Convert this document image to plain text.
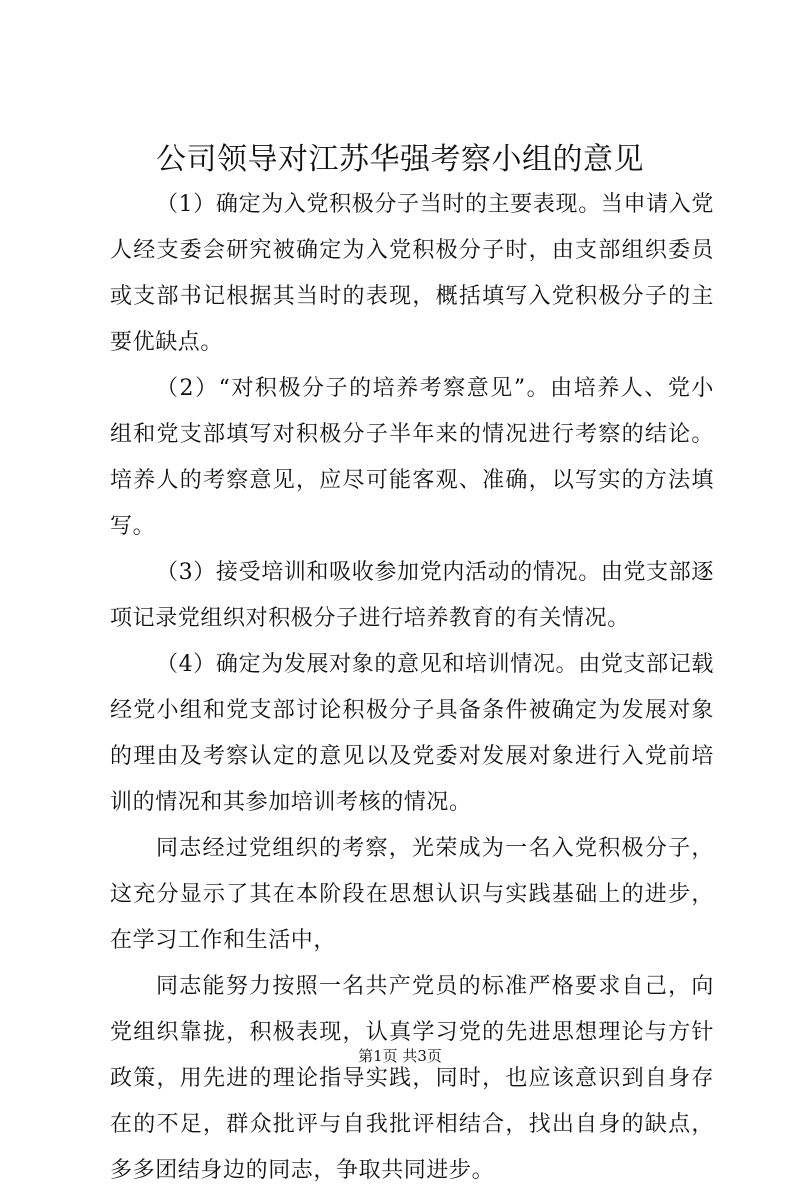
公司领导对江苏华强考察小组的意见

（1）确定为入党积极分子当时的主要表现。当申请入党人经支委会研究被确定为入党积极分子时，由支部组织委员或支部书记根据其当时的表现，概括填写入党积极分子的主要优缺点。

（2）“对积极分子的培养考察意见”。由培养人、党小组和党支部填写对积极分子半年来的情况进行考察的结论。培养人的考察意见，应尽可能客观、准确，以写实的方法填写。

（3）接受培训和吸收参加党内活动的情况。由党支部逐项记录党组织对积极分子进行培养教育的有关情况。

（4）确定为发展对象的意见和培训情况。由党支部记载经党小组和党支部讨论积极分子具备条件被确定为发展对象的理由及考察认定的意见以及党委对发展对象进行入党前培训的情况和其参加培训考核的情况。

同志经过党组织的考察，光荣成为一名入党积极分子，这充分显示了其在本阶段在思想认识与实践基础上的进步，在学习工作和生活中，

同志能努力按照一名共产党员的标准严格要求自己，向党组织靠拢，积极表现，认真学习党的先进思想理论与方针政策，用先进的理论指导实践，同时，也应该意识到自身存在的不足，群众批评与自我批评相结合，找出自身的缺点，多多团结身边的同志，争取共同进步。

第1页 共3页
